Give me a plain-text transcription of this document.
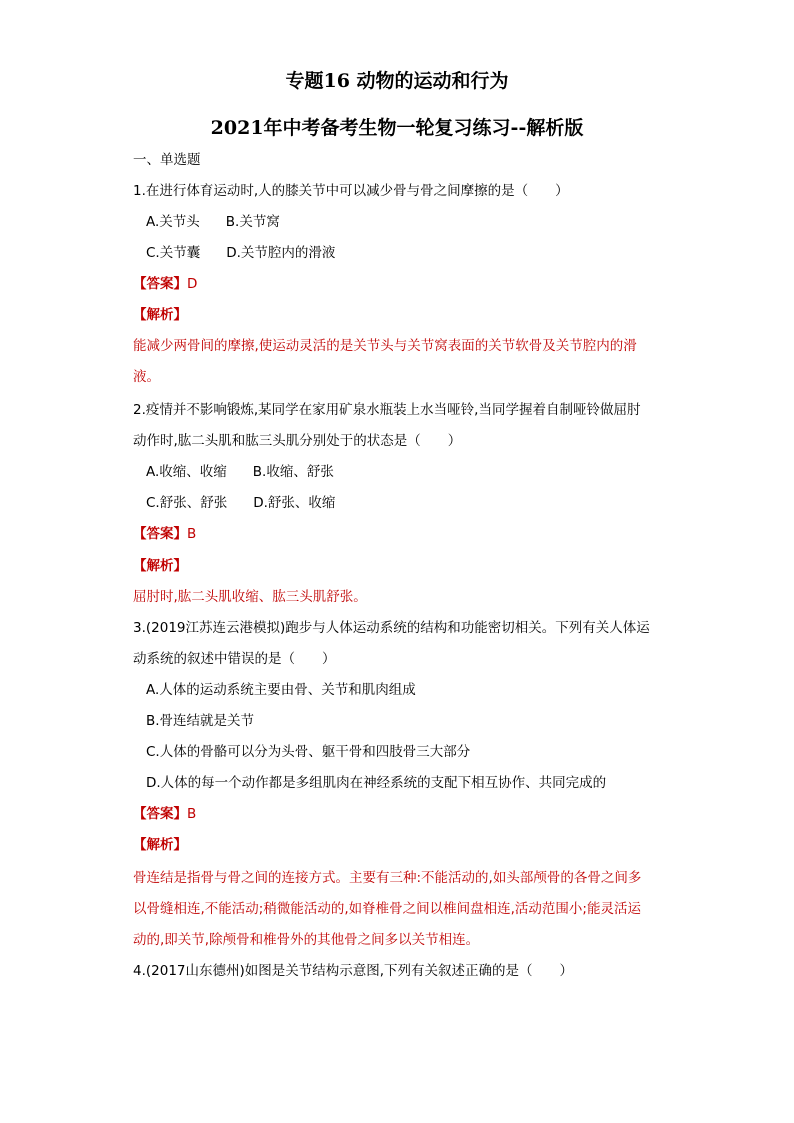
专题16 动物的运动和行为
2021年中考备考生物一轮复习练习--解析版

一、单选题

1.在进行体育运动时,人的膝关节中可以减少骨与骨之间摩擦的是（　　）

A.关节头 B.关节窝

C.关节囊 D.关节腔内的滑液

【答案】D

【解析】

能减少两骨间的摩擦,使运动灵活的是关节头与关节窝表面的关节软骨及关节腔内的滑

液。

2.疫情并不影响锻炼,某同学在家用矿泉水瓶装上水当哑铃,当同学握着自制哑铃做屈肘

动作时,肱二头肌和肱三头肌分别处于的状态是（　　）

A.收缩、收缩 B.收缩、舒张

C.舒张、舒张 D.舒张、收缩

【答案】B

【解析】

屈肘时,肱二头肌收缩、肱三头肌舒张。

3.(2019江苏连云港模拟)跑步与人体运动系统的结构和功能密切相关。下列有关人体运

动系统的叙述中错误的是（　　）

A.人体的运动系统主要由骨、关节和肌肉组成

B.骨连结就是关节

C.人体的骨骼可以分为头骨、躯干骨和四肢骨三大部分

D.人体的每一个动作都是多组肌肉在神经系统的支配下相互协作、共同完成的

【答案】B

【解析】

骨连结是指骨与骨之间的连接方式。主要有三种:不能活动的,如头部颅骨的各骨之间多

以骨缝相连,不能活动;稍微能活动的,如脊椎骨之间以椎间盘相连,活动范围小;能灵活运

动的,即关节,除颅骨和椎骨外的其他骨之间多以关节相连。

4.(2017山东德州)如图是关节结构示意图,下列有关叙述正确的是（　　）
